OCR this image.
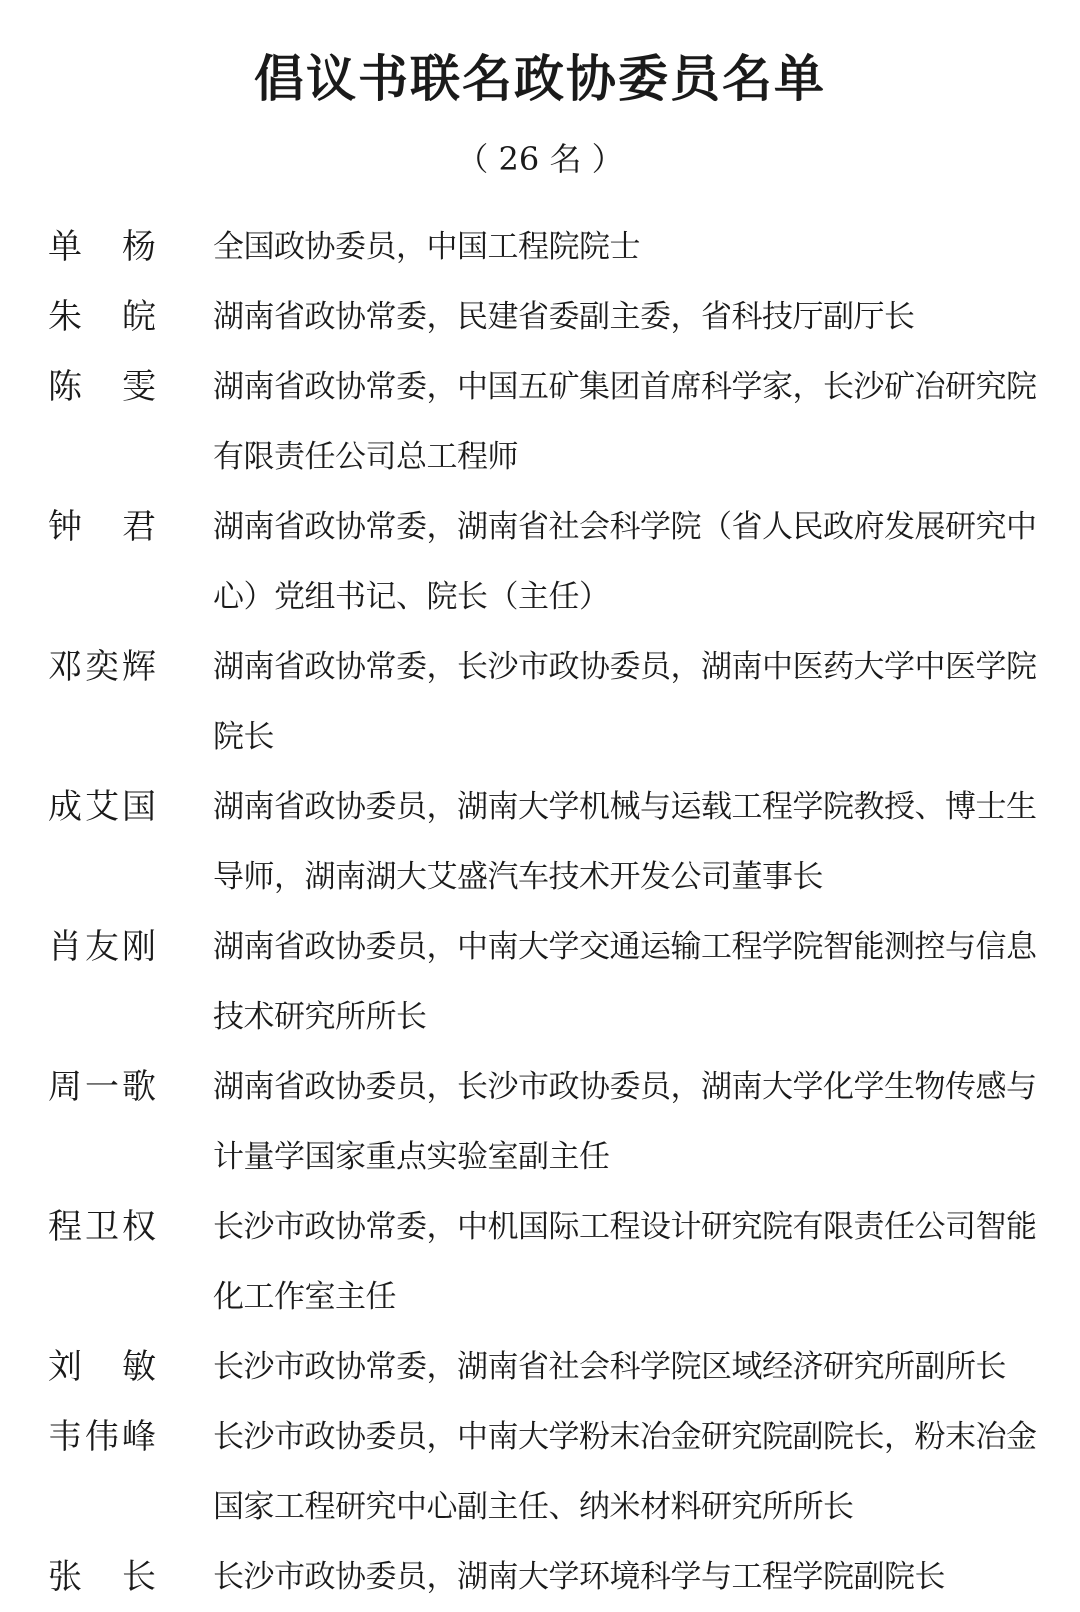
倡议书联名政协委员名单
（ 26 名 ）
单　杨	全国政协委员，中国工程院院士
朱　皖	湖南省政协常委，民建省委副主委，省科技厅副厅长
陈　雯	湖南省政协常委，中国五矿集团首席科学家，长沙矿冶研究院有限责任公司总工程师
钟　君	湖南省政协常委，湖南省社会科学院（省人民政府发展研究中心）党组书记、院长（主任）
邓奕辉	湖南省政协常委，长沙市政协委员，湖南中医药大学中医学院院长
成艾国	湖南省政协委员，湖南大学机械与运载工程学院教授、博士生导师，湖南湖大艾盛汽车技术开发公司董事长
肖友刚	湖南省政协委员，中南大学交通运输工程学院智能测控与信息技术研究所所长
周一歌	湖南省政协委员，长沙市政协委员，湖南大学化学生物传感与计量学国家重点实验室副主任
程卫权	长沙市政协常委，中机国际工程设计研究院有限责任公司智能化工作室主任
刘　敏	长沙市政协常委，湖南省社会科学院区域经济研究所副所长
韦伟峰	长沙市政协委员，中南大学粉末冶金研究院副院长，粉末冶金国家工程研究中心副主任、纳米材料研究所所长
张　长	长沙市政协委员，湖南大学环境科学与工程学院副院长
